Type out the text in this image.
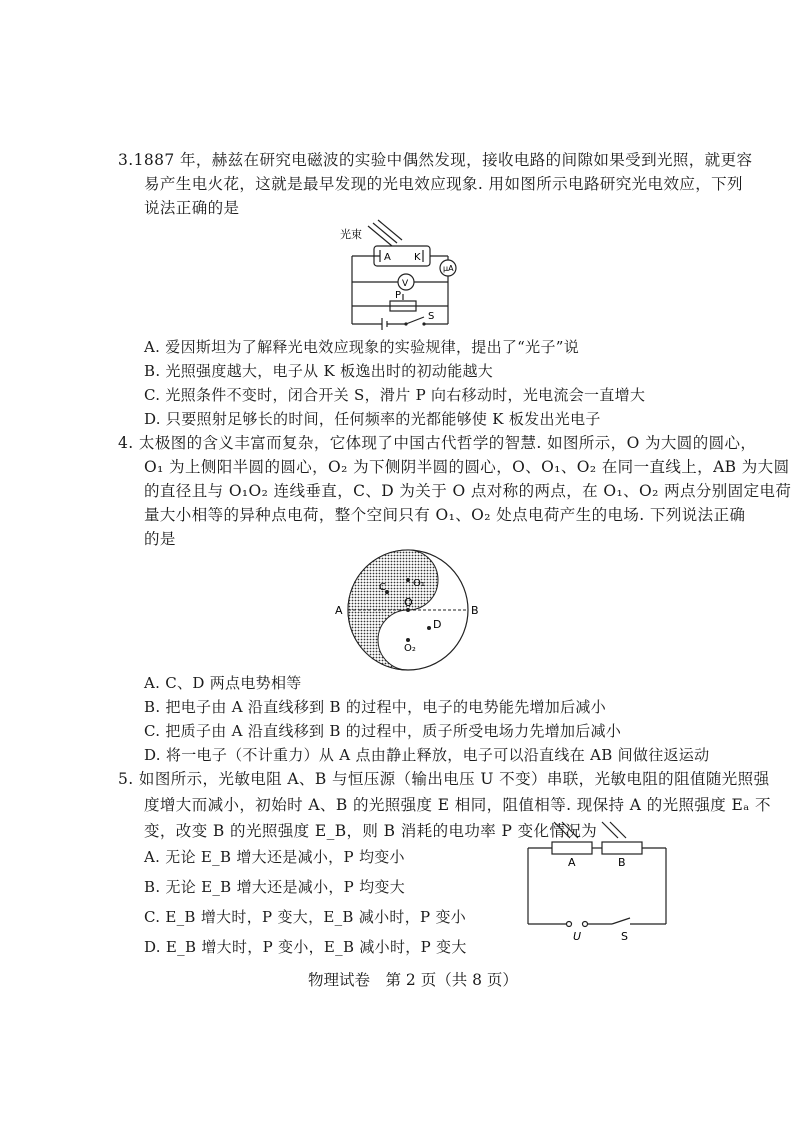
3.1887 年，赫兹在研究电磁波的实验中偶然发现，接收电路的间隙如果受到光照，就更容
易产生电火花，这就是最早发现的光电效应现象. 用如图所示电路研究光电效应，下列
说法正确的是
光束
A K
μA
V
P
S
A. 爱因斯坦为了解释光电效应现象的实验规律，提出了“光子”说
B. 光照强度越大，电子从 K 板逸出时的初动能越大
C. 光照条件不变时，闭合开关 S，滑片 P 向右移动时，光电流会一直增大
D. 只要照射足够长的时间，任何频率的光都能够使 K 板发出光电子
4. 太极图的含义丰富而复杂，它体现了中国古代哲学的智慧. 如图所示，O 为大圆的圆心，
O₁ 为上侧阳半圆的圆心，O₂ 为下侧阴半圆的圆心，O、O₁、O₂ 在同一直线上，AB 为大圆
的直径且与 O₁O₂ 连线垂直，C、D 为关于 O 点对称的两点，在 O₁、O₂ 两点分别固定电荷
量大小相等的异种点电荷，整个空间只有 O₁、O₂ 处点电荷产生的电场. 下列说法正确
的是
O₁
O
O₂
C
D
A	B
A. C、D 两点电势相等
B. 把电子由 A 沿直线移到 B 的过程中，电子的电势能先增加后减小
C. 把质子由 A 沿直线移到 B 的过程中，质子所受电场力先增加后减小
D. 将一电子（不计重力）从 A 点由静止释放，电子可以沿直线在 AB 间做往返运动
5. 如图所示，光敏电阻 A、B 与恒压源（输出电压 U 不变）串联，光敏电阻的阻值随光照强
度增大而减小，初始时 A、B 的光照强度 E 相同，阻值相等. 现保持 A 的光照强度 Eₐ 不
变，改变 B 的光照强度 E_B，则 B 消耗的电功率 P 变化情况为
A	B
U	S
A. 无论 E_B 增大还是减小，P 均变小
B. 无论 E_B 增大还是减小，P 均变大
C. E_B 增大时，P 变大，E_B 减小时，P 变小
D. E_B 增大时，P 变小，E_B 减小时，P 变大
物理试卷　第 2 页（共 8 页）
